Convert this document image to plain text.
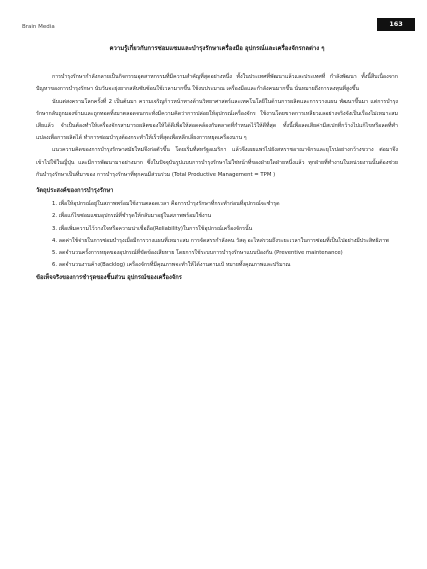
Brain Media	163
ความรู้เกี่ยวกับการซ่อมแซมและบำรุงรักษาเครื่องมือ อุปกรณ์และเครื่องจักรกลต่าง ๆ

การบำรุงรักษากำลังกลายเป็นกิจกรรมอุตสาหกรรมที่มีความสำคัญที่สุดอย่างหนึ่ง ทั้งในประเทศที่พัฒนาแล้วและประเทศที่ กำลังพัฒนา ทั้งนี้สืบเนื่องจากปัญหาของการบำรุงรักษา นับวันจะยุ่งยากสลับซับซ้อนใช้เวลามากขึ้น ใช้งบประมาณ เครื่องมือและกำลังคนมากขึ้น นั่นหมายถึงการลงทุนที่สูงขึ้น

นับแต่สงครามโลกครั้งที่ 2 เป็นต้นมา ความเจริญก้าวหน้าทางด้านวิทยาศาสตร์และเทคโนโลยีในด้านการผลิตและการวางแผน พัฒนาขึ้นมา แต่การบำรุงรักษากลับถูกมองข้ามและถูกทอดทิ้งมาตลอดจนกระทั่งมีความคิดว่าการปล่อยให้อุปกรณ์เครื่องจักร ใช้งานโดยขาดการเหลียวแลอย่างจริงจังเป็นเรื่องไม่เหมาะสมเสียแล้ว จำเป็นต้องทำให้เครื่องจักรสามารถผลิตของให้ได้ดีเพื่อให้สอดคล้องกับตลาดที่กำหนดไว้ให้ดีที่สุด ทั้งนี้เพื่อลดเสียค่ามีสเปกที่กว้างไปแก้ไขหรือลดที่ทำแปลงเพื่อการผลิตได้ ทำการซ่อมบำรุงต้องกระทำให้เร็วที่สุดเพื่อหลีกเลี่ยงการหยุดเครื่องนาน ๆ

แนวความคิดของการบำรุงรักษาสมัยใหม่จึงก่อตัวขึ้น โดยเริ่มที่สหรัฐอเมริกา แล้วจึงเผยแพร่ไปยังสหราชอาณาจักรและยุโรปอย่างกว้างขวาง ต่อมาจึงเข้าไปใช้ในญี่ปุ่น และมีการพัฒนามาอย่างมาก ซึ่งในปัจจุบันรูปแบบการบำรุงรักษาไม่ใช่หน้าที่ของฝ่ายใดฝ่ายหนึ่งแล้ว ทุกฝ่ายที่ทำงานในหน่วยงานนั้นต้องช่วยกันบำรุงรักษาเป็นที่มาของ การบำรุงรักษาที่ทุกคนมีส่วนร่วม (Total Productive Management = TPM )

วัตถุประสงค์ของการบำรุงรักษา

1. เพื่อให้อุปกรณ์อยู่ในสภาพพร้อมใช้งานตลอดเวลา คือการบำรุงรักษาที่กระทำก่อนที่อุปกรณ์จะชำรุด

2. เพื่อแก้ไขซ่อมแซมอุปกรณ์ที่ชำรุดให้กลับมาอยู่ในสภาพพร้อมใช้งาน

3. เพื่อเพิ่มความไว้วางใจหรือความน่าเชื่อถือ(Reliability)ในการใช้อุปกรณ์เครื่องจักรนั้น

4. ลดค่าใช้จ่ายในการซ่อมบำรุงเมื่อมีการวางแผนที่เหมาะสม การจัดสรรกำลังคน วัสดุ อะไหล่รวมถึงระยะเวลาในการซ่อมที่เป็นไปอย่างมีประสิทธิภาพ

5. ลดจำนวนครั้งการหยุดของอุปกรณ์ที่ขัดข้องเสียหาย โดยการใช้ระบบการบำรุงรักษาแบบป้องกัน (Preventive maintenance)

6. ลดจำนวนงานค้าง(Backlog) เครื่องจักรที่มีคุณภาพจะทำให้ได้งานตามเป้ หมายทั้งคุณภาพและปริมาณ

ข้อเท็จจริงของการชำรุดของชิ้นส่วน อุปกรณ์ของเครื่องจักร
